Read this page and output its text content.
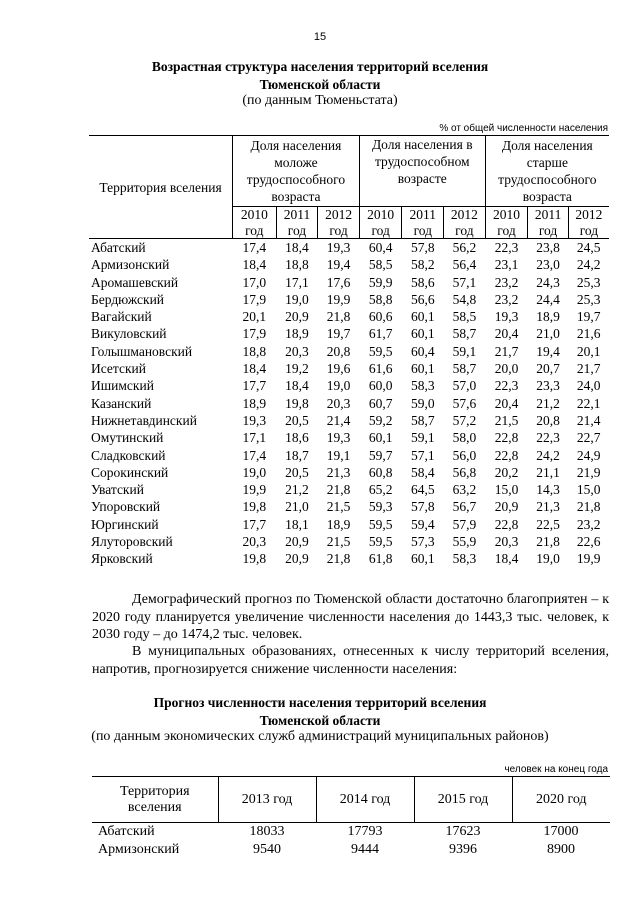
15
Возрастная структура населения территорий вселения
Тюменской области
(по данным Тюменьстата)
% от общей численности населения
Территория вселения	Доля населения моложе трудоспособного возраста			Доля населения в трудоспособном возрасте			Доля населения старше трудоспособного возраста		
	2010 год	2011 год	2012 год	2010 год	2011 год	2012 год	2010 год	2011 год	2012 год
Абатский	17,4	18,4	19,3	60,4	57,8	56,2	22,3	23,8	24,5
Армизонский	18,4	18,8	19,4	58,5	58,2	56,4	23,1	23,0	24,2
Аромашевский	17,0	17,1	17,6	59,9	58,6	57,1	23,2	24,3	25,3
Бердюжский	17,9	19,0	19,9	58,8	56,6	54,8	23,2	24,4	25,3
Вагайский	20,1	20,9	21,8	60,6	60,1	58,5	19,3	18,9	19,7
Викуловский	17,9	18,9	19,7	61,7	60,1	58,7	20,4	21,0	21,6
Голышмановский	18,8	20,3	20,8	59,5	60,4	59,1	21,7	19,4	20,1
Исетский	18,4	19,2	19,6	61,6	60,1	58,7	20,0	20,7	21,7
Ишимский	17,7	18,4	19,0	60,0	58,3	57,0	22,3	23,3	24,0
Казанский	18,9	19,8	20,3	60,7	59,0	57,6	20,4	21,2	22,1
Нижнетавдинский	19,3	20,5	21,4	59,2	58,7	57,2	21,5	20,8	21,4
Омутинский	17,1	18,6	19,3	60,1	59,1	58,0	22,8	22,3	22,7
Сладковский	17,4	18,7	19,1	59,7	57,1	56,0	22,8	24,2	24,9
Сорокинский	19,0	20,5	21,3	60,8	58,4	56,8	20,2	21,1	21,9
Уватский	19,9	21,2	21,8	65,2	64,5	63,2	15,0	14,3	15,0
Упоровский	19,8	21,0	21,5	59,3	57,8	56,7	20,9	21,3	21,8
Юргинский	17,7	18,1	18,9	59,5	59,4	57,9	22,8	22,5	23,2
Ялуторовский	20,3	20,9	21,5	59,5	57,3	55,9	20,3	21,8	22,6
Ярковский	19,8	20,9	21,8	61,8	60,1	58,3	18,4	19,0	19,9
Демографический прогноз по Тюменской области достаточно благоприятен – к 2020 году планируется увеличение численности населения до 1443,3 тыс. человек, к 2030 году – до 1474,2 тыс. человек.
В муниципальных образованиях, отнесенных к числу территорий вселения, напротив, прогнозируется снижение численности населения:
Прогноз численности населения территорий вселения
Тюменской области
(по данным экономических служб администраций муниципальных районов)
человек на конец года
Территория вселения	2013 год	2014 год	2015 год	2020 год
Абатский	18033	17793	17623	17000
Армизонский	9540	9444	9396	8900
